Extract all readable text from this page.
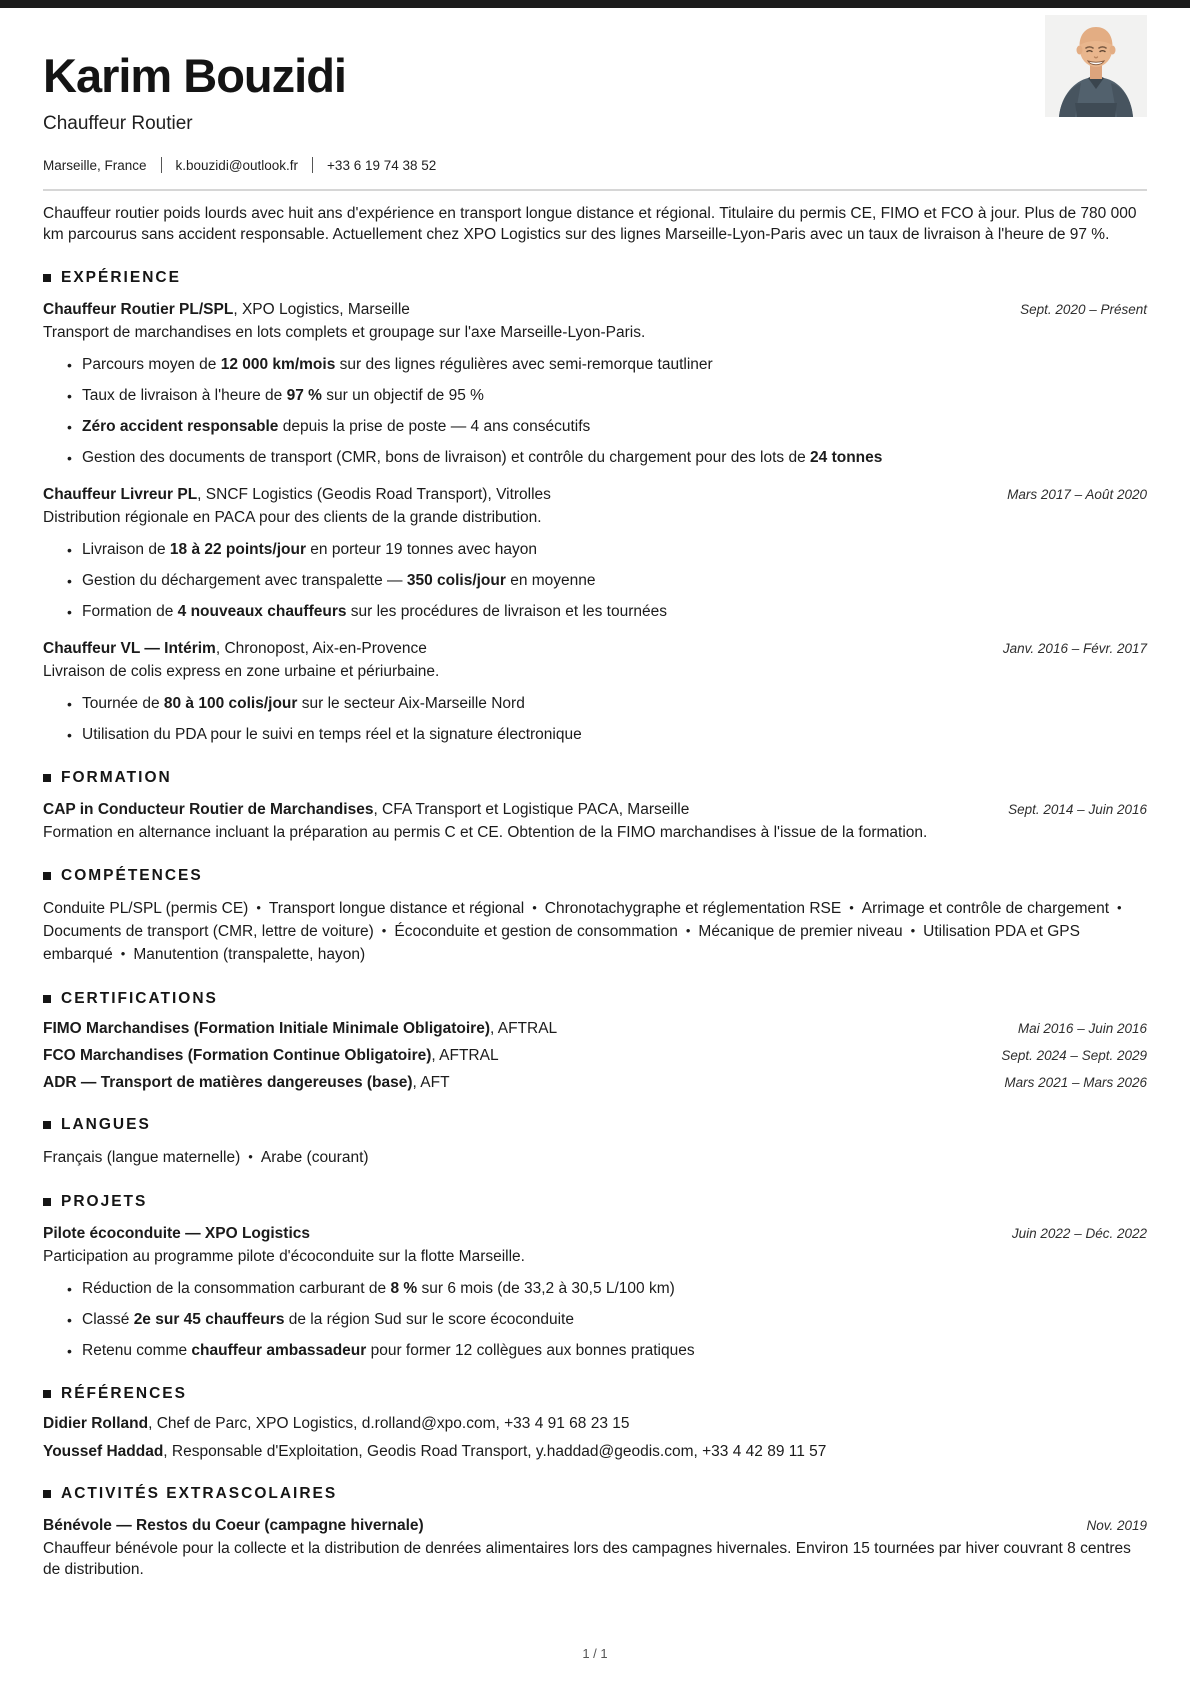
Karim Bouzidi
Chauffeur Routier
Marseille, France k.bouzidi@outlook.fr +33 6 19 74 38 52

Chauffeur routier poids lourds avec huit ans d'expérience en transport longue distance et régional. Titulaire du permis CE, FIMO et FCO à jour. Plus de 780 000 km parcourus sans accident responsable. Actuellement chez XPO Logistics sur des lignes Marseille-Lyon-Paris avec un taux de livraison à l'heure de 97 %.

EXPÉRIENCE
Chauffeur Routier PL/SPL, XPO Logistics, Marseille	Sept. 2020 – Présent
Transport de marchandises en lots complets et groupage sur l'axe Marseille-Lyon-Paris.
• Parcours moyen de 12 000 km/mois sur des lignes régulières avec semi-remorque tautliner
• Taux de livraison à l'heure de 97 % sur un objectif de 95 %
• Zéro accident responsable depuis la prise de poste — 4 ans consécutifs
• Gestion des documents de transport (CMR, bons de livraison) et contrôle du chargement pour des lots de 24 tonnes
Chauffeur Livreur PL, SNCF Logistics (Geodis Road Transport), Vitrolles	Mars 2017 – Août 2020
Distribution régionale en PACA pour des clients de la grande distribution.
• Livraison de 18 à 22 points/jour en porteur 19 tonnes avec hayon
• Gestion du déchargement avec transpalette — 350 colis/jour en moyenne
• Formation de 4 nouveaux chauffeurs sur les procédures de livraison et les tournées
Chauffeur VL — Intérim, Chronopost, Aix-en-Provence	Janv. 2016 – Févr. 2017
Livraison de colis express en zone urbaine et périurbaine.
• Tournée de 80 à 100 colis/jour sur le secteur Aix-Marseille Nord
• Utilisation du PDA pour le suivi en temps réel et la signature électronique
FORMATION
CAP in Conducteur Routier de Marchandises, CFA Transport et Logistique PACA, Marseille	Sept. 2014 – Juin 2016
Formation en alternance incluant la préparation au permis C et CE. Obtention de la FIMO marchandises à l'issue de la formation.
COMPÉTENCES

Conduite PL/SPL (permis CE) • Transport longue distance et régional • Chronotachygraphe et réglementation RSE • Arrimage et contrôle de chargement •Documents de transport (CMR, lettre de voiture) • Écoconduite et gestion de consommation • Mécanique de premier niveau • Utilisation PDA et GPS embarqué • Manutention (transpalette, hayon)

CERTIFICATIONS
FIMO Marchandises (Formation Initiale Minimale Obligatoire), AFTRAL	Mai 2016 – Juin 2016
FCO Marchandises (Formation Continue Obligatoire), AFTRAL	Sept. 2024 – Sept. 2029
ADR — Transport de matières dangereuses (base), AFT	Mars 2021 – Mars 2026
LANGUES

Français (langue maternelle) • Arabe (courant)

PROJETS
Pilote écoconduite — XPO Logistics	Juin 2022 – Déc. 2022
Participation au programme pilote d'écoconduite sur la flotte Marseille.
• Réduction de la consommation carburant de 8 % sur 6 mois (de 33,2 à 30,5 L/100 km)
• Classé 2e sur 45 chauffeurs de la région Sud sur le score écoconduite
• Retenu comme chauffeur ambassadeur pour former 12 collègues aux bonnes pratiques
RÉFÉRENCES
Didier Rolland, Chef de Parc, XPO Logistics, d.rolland@xpo.com, +33 4 91 68 23 15
Youssef Haddad, Responsable d'Exploitation, Geodis Road Transport, y.haddad@geodis.com, +33 4 42 89 11 57
ACTIVITÉS EXTRASCOLAIRES
Bénévole — Restos du Coeur (campagne hivernale)	Nov. 2019
Chauffeur bénévole pour la collecte et la distribution de denrées alimentaires lors des campagnes hivernales. Environ 15 tournées par hiver couvrant 8 centres de distribution.
1 / 1
